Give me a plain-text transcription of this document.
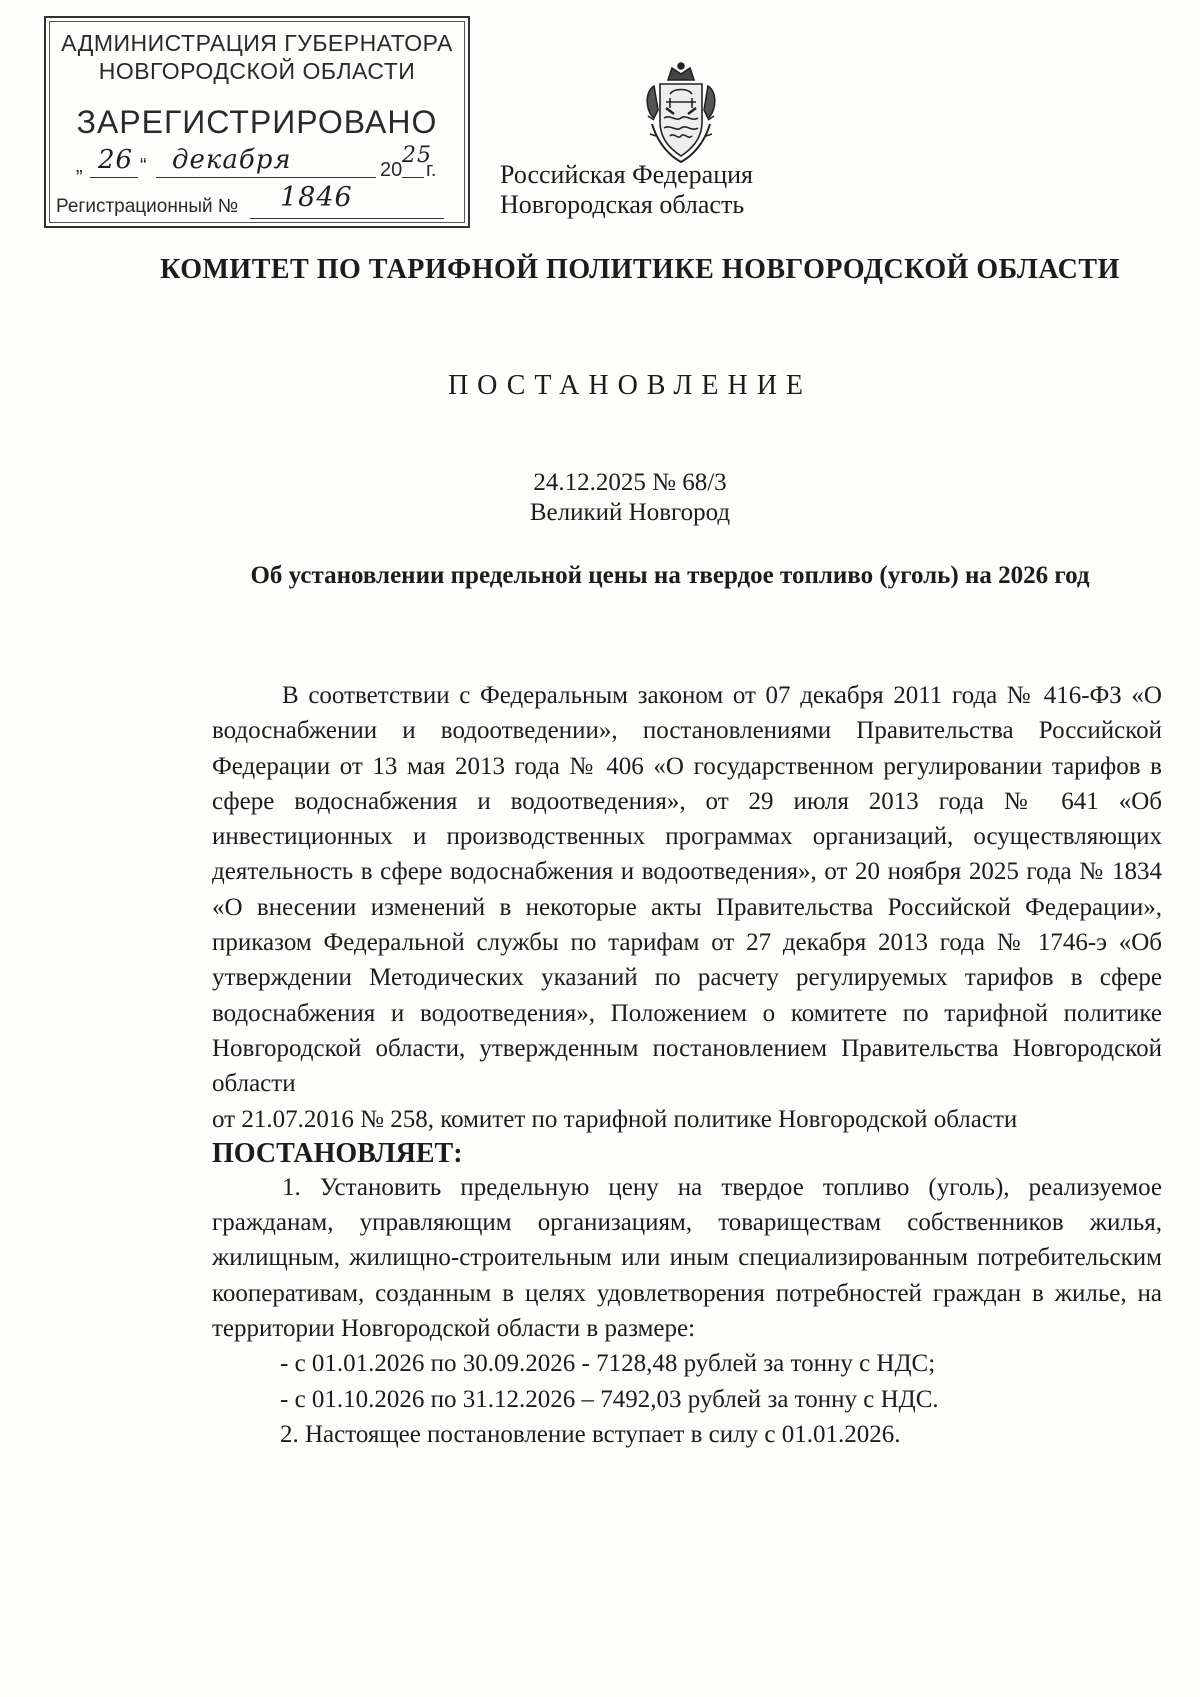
АДМИНИСТРАЦИЯ ГУБЕРНАТОРА
НОВГОРОДСКОЙ ОБЛАСТИ
ЗАРЕГИСТРИРОВАНО
„ 26 “ декабря	20
25
г.
Регистрационный № 1846
Российская Федерация
Новгородская область
КОМИТЕТ ПО ТАРИФНОЙ ПОЛИТИКЕ НОВГОРОДСКОЙ ОБЛАСТИ
ПОСТАНОВЛЕНИЕ
24.12.2025 № 68/3
Великий Новгород
Об установлении предельной цены на твердое топливо (уголь) на 2026 год

В соответствии с Федеральным законом от 07 декабря 2011 года № 416-ФЗ «О водоснабжении и водоотведении», постановлениями Правительства Российской Федерации от 13 мая 2013 года № 406 «О государственном регулировании тарифов в сфере водоснабжения и водоотведения», от 29 июля 2013 года № 641 «Об инвестиционных и производственных программах организаций, осуществляющих деятельность в сфере водоснабжения и водоотведения», от 20 ноября 2025 года № 1834 «О внесении изменений в некоторые акты Правительства Российской Федерации», приказом Федеральной службы по тарифам от 27 декабря 2013 года № 1746-э «Об утверждении Методических указаний по расчету регулируемых тарифов в сфере водоснабжения и водоотведения», Положением о комитете по тарифной политике Новгородской области, утвержденным постановлением Правительства Новгородской области

от 21.07.2016 № 258, комитет по тарифной политике Новгородской области

ПОСТАНОВЛЯЕТ:

1. Установить предельную цену на твердое топливо (уголь), реализуемое гражданам, управляющим организациям, товариществам собственников жилья, жилищным, жилищно-строительным или иным специализированным потребительским кооперативам, созданным в целях удовлетворения потребностей граждан в жилье, на территории Новгородской области в размере:

- с 01.01.2026 по 30.09.2026 - 7128,48 рублей за тонну с НДС;

- с 01.10.2026 по 31.12.2026 – 7492,03 рублей за тонну с НДС.

2. Настоящее постановление вступает в силу с 01.01.2026.
